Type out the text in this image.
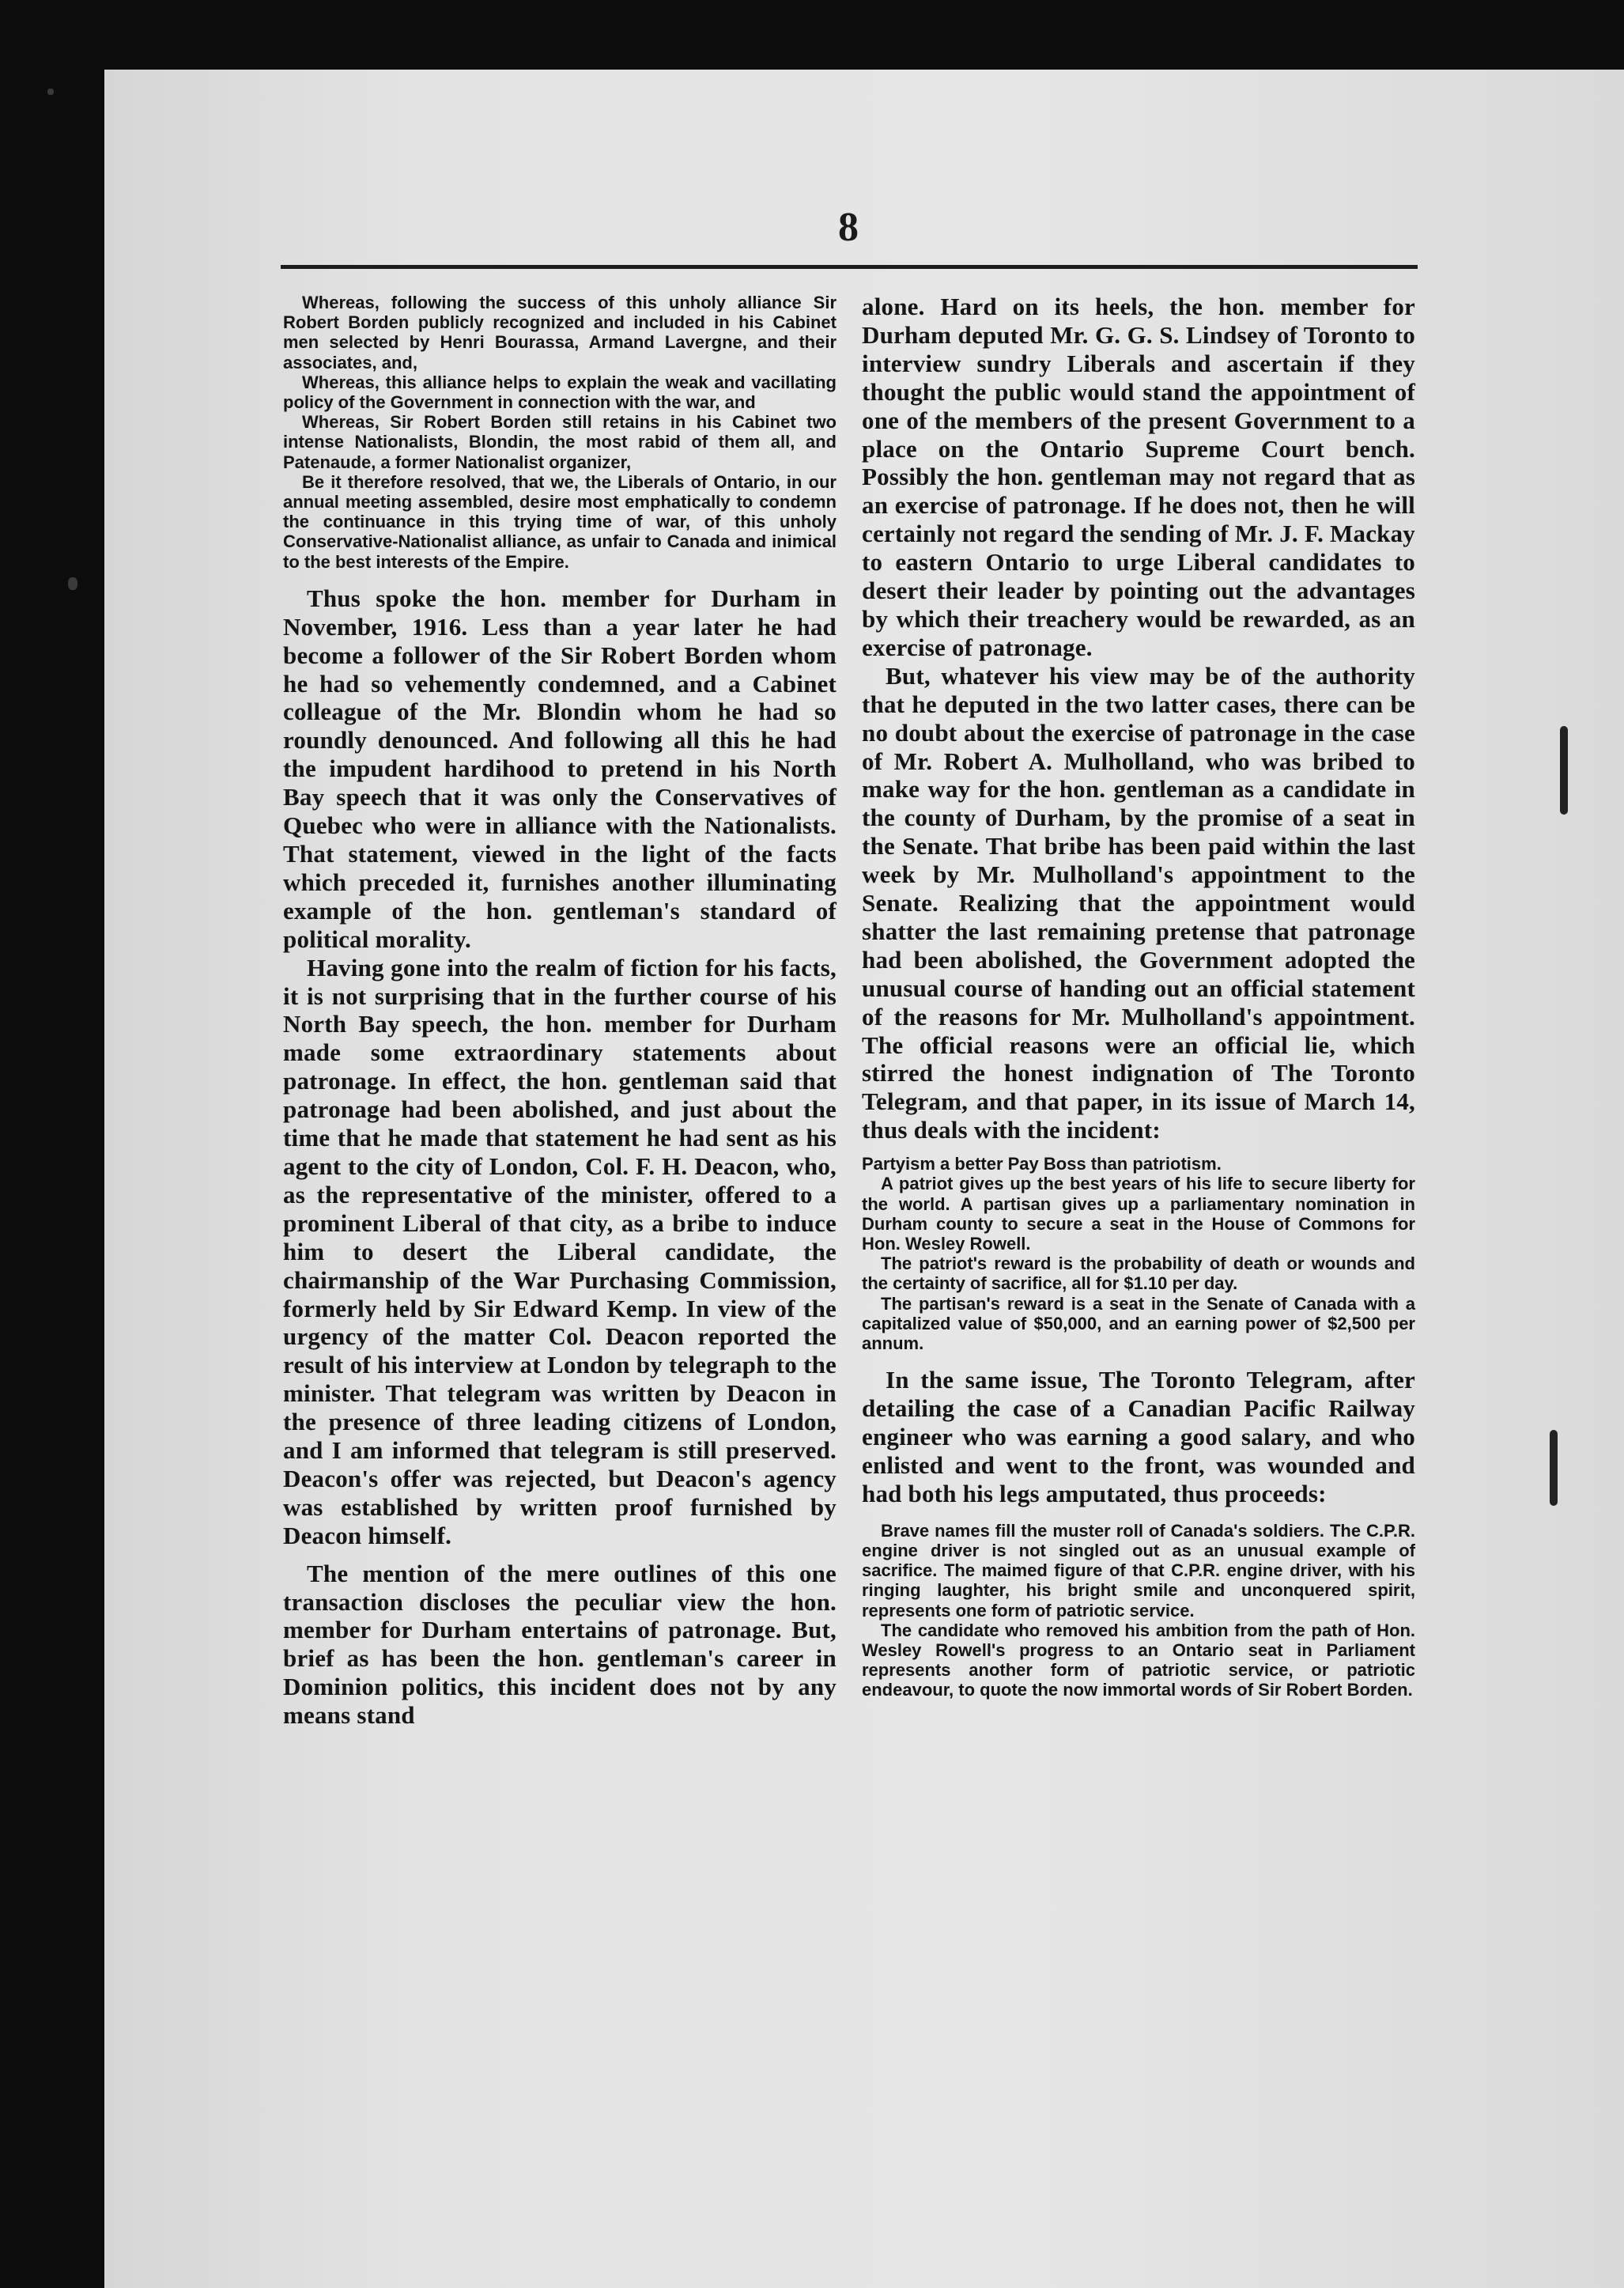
8

Whereas, following the success of this unholy alliance Sir Robert Borden publicly recognized and included in his Cabinet men selected by Henri Bourassa, Armand Lavergne, and their associates, and,

Whereas, this alliance helps to explain the weak and vacillating policy of the Government in connection with the war, and

Whereas, Sir Robert Borden still retains in his Cabinet two intense Nationalists, Blondin, the most rabid of them all, and Patenaude, a former Nationalist organizer,

Be it therefore resolved, that we, the Liberals of Ontario, in our annual meeting assembled, desire most emphatically to condemn the continuance in this trying time of war, of this unholy Conservative-Nationalist alliance, as unfair to Canada and inimical to the best interests of the Empire.

Thus spoke the hon. member for Durham in November, 1916. Less than a year later he had become a follower of the Sir Robert Borden whom he had so vehemently condemned, and a Cabinet colleague of the Mr. Blondin whom he had so roundly denounced. And following all this he had the impudent hardihood to pretend in his North Bay speech that it was only the Conservatives of Quebec who were in alliance with the Nationalists. That statement, viewed in the light of the facts which preceded it, furnishes another illuminating example of the hon. gentleman's standard of political morality.

Having gone into the realm of fiction for his facts, it is not surprising that in the further course of his North Bay speech, the hon. member for Durham made some extraordinary statements about patronage. In effect, the hon. gentleman said that patronage had been abolished, and just about the time that he made that statement he had sent as his agent to the city of London, Col. F. H. Deacon, who, as the representative of the minister, offered to a prominent Liberal of that city, as a bribe to induce him to desert the Liberal candidate, the chairmanship of the War Purchasing Commission, formerly held by Sir Edward Kemp. In view of the urgency of the matter Col. Deacon reported the result of his interview at London by telegraph to the minister. That telegram was written by Deacon in the presence of three leading citizens of London, and I am informed that telegram is still preserved. Deacon's offer was rejected, but Deacon's agency was established by written proof furnished by Deacon himself.

The mention of the mere outlines of this one transaction discloses the peculiar view the hon. member for Durham entertains of patronage. But, brief as has been the hon. gentleman's career in Dominion politics, this incident does not by any means stand

alone. Hard on its heels, the hon. member for Durham deputed Mr. G. G. S. Lindsey of Toronto to interview sundry Liberals and ascertain if they thought the public would stand the appointment of one of the members of the present Government to a place on the Ontario Supreme Court bench. Possibly the hon. gentleman may not regard that as an exercise of patronage. If he does not, then he will certainly not regard the sending of Mr. J. F. Mackay to eastern Ontario to urge Liberal candidates to desert their leader by pointing out the advantages by which their treachery would be rewarded, as an exercise of patronage.

But, whatever his view may be of the authority that he deputed in the two latter cases, there can be no doubt about the exercise of patronage in the case of Mr. Robert A. Mulholland, who was bribed to make way for the hon. gentleman as a candidate in the county of Durham, by the promise of a seat in the Senate. That bribe has been paid within the last week by Mr. Mulholland's appointment to the Senate. Realizing that the appointment would shatter the last remaining pretense that patronage had been abolished, the Government adopted the unusual course of handing out an official statement of the reasons for Mr. Mulholland's appointment. The official reasons were an official lie, which stirred the honest indignation of The Toronto Telegram, and that paper, in its issue of March 14, thus deals with the incident:

Partyism a better Pay Boss than patriotism.

A patriot gives up the best years of his life to secure liberty for the world. A partisan gives up a parliamentary nomination in Durham county to secure a seat in the House of Commons for Hon. Wesley Rowell.

The patriot's reward is the probability of death or wounds and the certainty of sacrifice, all for $1.10 per day.

The partisan's reward is a seat in the Senate of Canada with a capitalized value of $50,000, and an earning power of $2,500 per annum.

In the same issue, The Toronto Telegram, after detailing the case of a Canadian Pacific Railway engineer who was earning a good salary, and who enlisted and went to the front, was wounded and had both his legs amputated, thus proceeds:

Brave names fill the muster roll of Canada's soldiers. The C.P.R. engine driver is not singled out as an unusual example of sacrifice. The maimed figure of that C.P.R. engine driver, with his ringing laughter, his bright smile and unconquered spirit, represents one form of patriotic service.

The candidate who removed his ambition from the path of Hon. Wesley Rowell's progress to an Ontario seat in Parliament represents another form of patriotic service, or patriotic endeavour, to quote the now immortal words of Sir Robert Borden.
